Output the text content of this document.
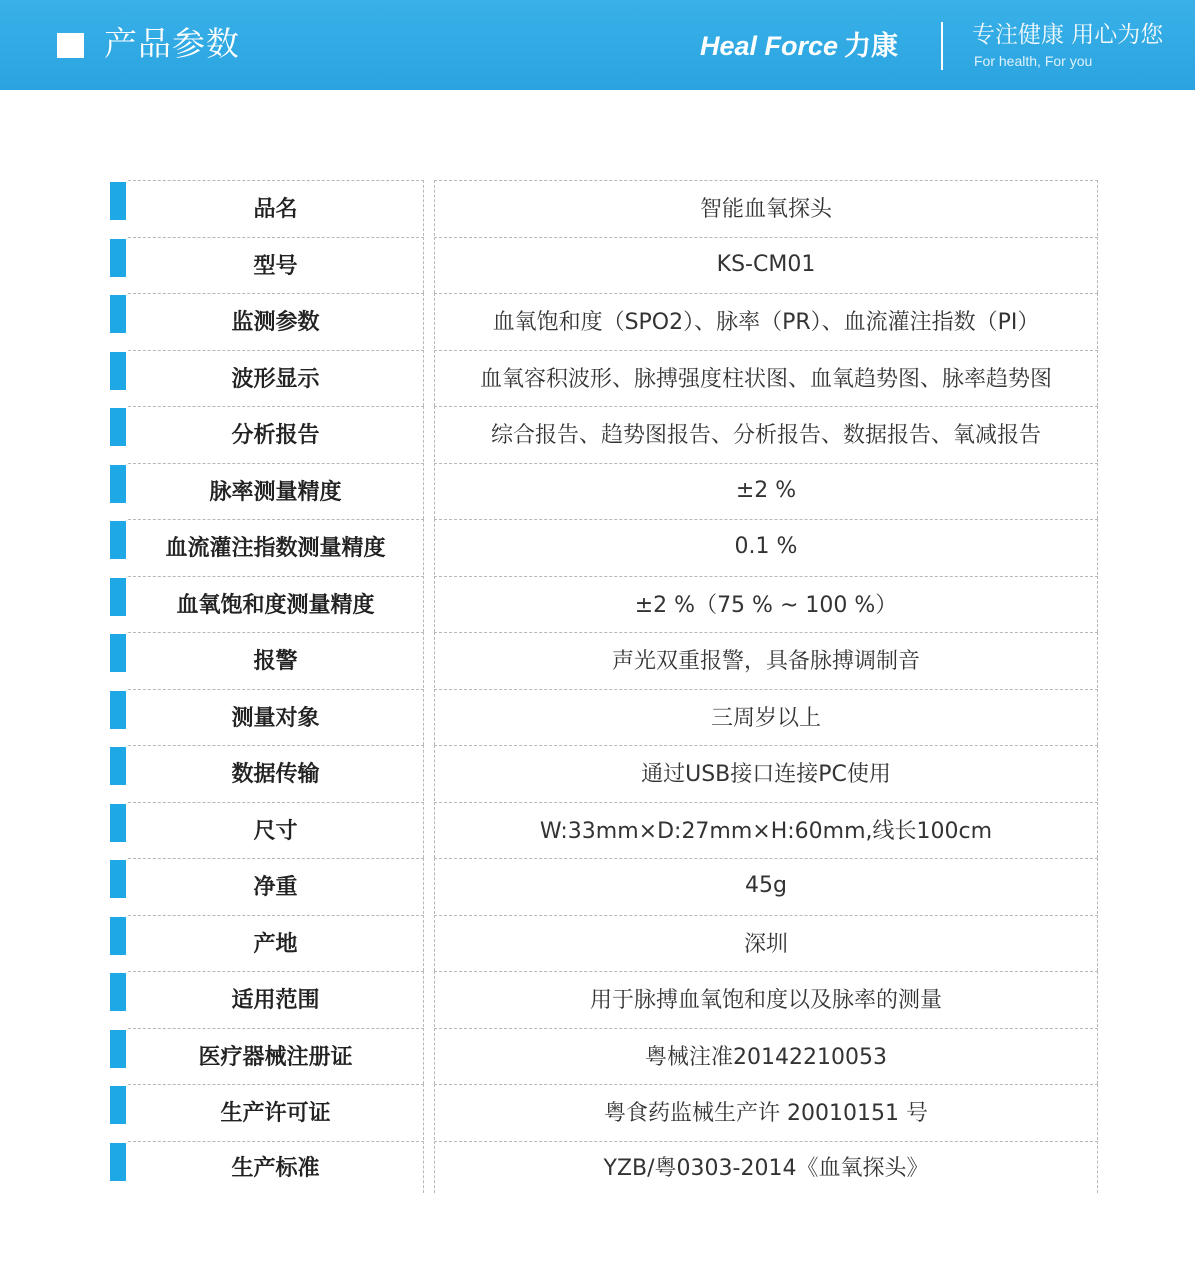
产品参数	Heal Force 力康	专注健康 用心为您
For health, For you
品名	智能血氧探头
型号	KS-CM01
监测参数	血氧饱和度（SPO2）、脉率（PR）、血流灌注指数（PI）
波形显示	血氧容积波形、脉搏强度柱状图、血氧趋势图、脉率趋势图
分析报告	综合报告、趋势图报告、分析报告、数据报告、氧减报告
脉率测量精度	±2 %
血流灌注指数测量精度	0.1 %
血氧饱和度测量精度	±2 %（75 % ~ 100 %）
报警	声光双重报警，具备脉搏调制音
测量对象	三周岁以上
数据传输	通过USB接口连接PC使用
尺寸	W:33mm×D:27mm×H:60mm,线长100cm
净重	45g
产地	深圳
适用范围	用于脉搏血氧饱和度以及脉率的测量
医疗器械注册证	粤械注准20142210053
生产许可证	粤食药监械生产许 20010151 号
生产标准	YZB/粤0303-2014《血氧探头》
